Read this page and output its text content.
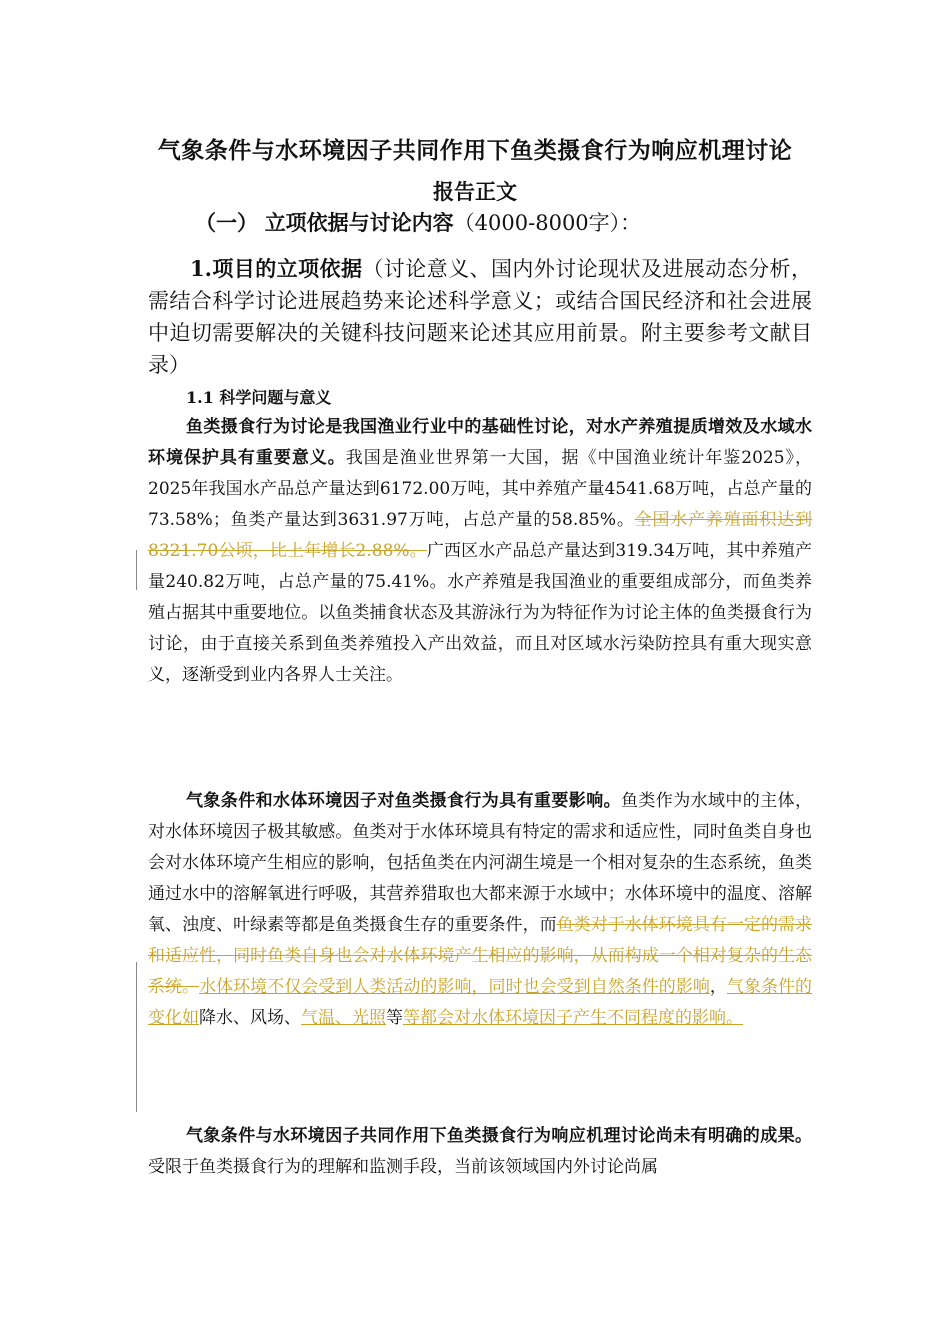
气象条件与水环境因子共同作用下鱼类摄食行为响应机理讨论
报告正文
（一） 立项依据与讨论内容（4000-8000字）：
1.项目的立项依据（讨论意义、国内外讨论现状及进展动态分析，需结合科学讨论进展趋势来论述科学意义；或结合国民经济和社会进展中迫切需要解决的关键科技问题来论述其应用前景。附主要参考文献目录）
1.1 科学问题与意义
鱼类摄食行为讨论是我国渔业行业中的基础性讨论，对水产养殖提质增效及水域水环境保护具有重要意义。我国是渔业世界第一大国，据《中国渔业统计年鉴2025》，2025年我国水产品总产量达到6172.00万吨，其中养殖产量4541.68万吨，占总产量的73.58%；鱼类产量达到3631.97万吨，占总产量的58.85%。全国水产养殖面积达到8321.70公顷，比上年增长2.88%。广西区水产品总产量达到319.34万吨，其中养殖产量240.82万吨，占总产量的75.41%。水产养殖是我国渔业的重要组成部分，而鱼类养殖占据其中重要地位。以鱼类捕食状态及其游泳行为为特征作为讨论主体的鱼类摄食行为讨论，由于直接关系到鱼类养殖投入产出效益，而且对区域水污染防控具有重大现实意义，逐渐受到业内各界人士关注。
气象条件和水体环境因子对鱼类摄食行为具有重要影响。鱼类作为水域中的主体，对水体环境因子极其敏感。鱼类对于水体环境具有特定的需求和适应性，同时鱼类自身也会对水体环境产生相应的影响，包括鱼类在内河湖生境是一个相对复杂的生态系统，鱼类通过水中的溶解氧进行呼吸，其营养猎取也大都来源于水域中；水体环境中的温度、溶解氧、浊度、叶绿素等都是鱼类摄食生存的重要条件，而鱼类对于水体环境具有一定的需求和适应性，同时鱼类自身也会对水体环境产生相应的影响，从而构成一个相对复杂的生态系统。水体环境不仅会受到人类活动的影响，同时也会受到自然条件的影响，气象条件的变化如降水、风场、气温、光照等等都会对水体环境因子产生不同程度的影响。
气象条件与水环境因子共同作用下鱼类摄食行为响应机理讨论尚未有明确的成果。受限于鱼类摄食行为的理解和监测手段，当前该领域国内外讨论尚属
